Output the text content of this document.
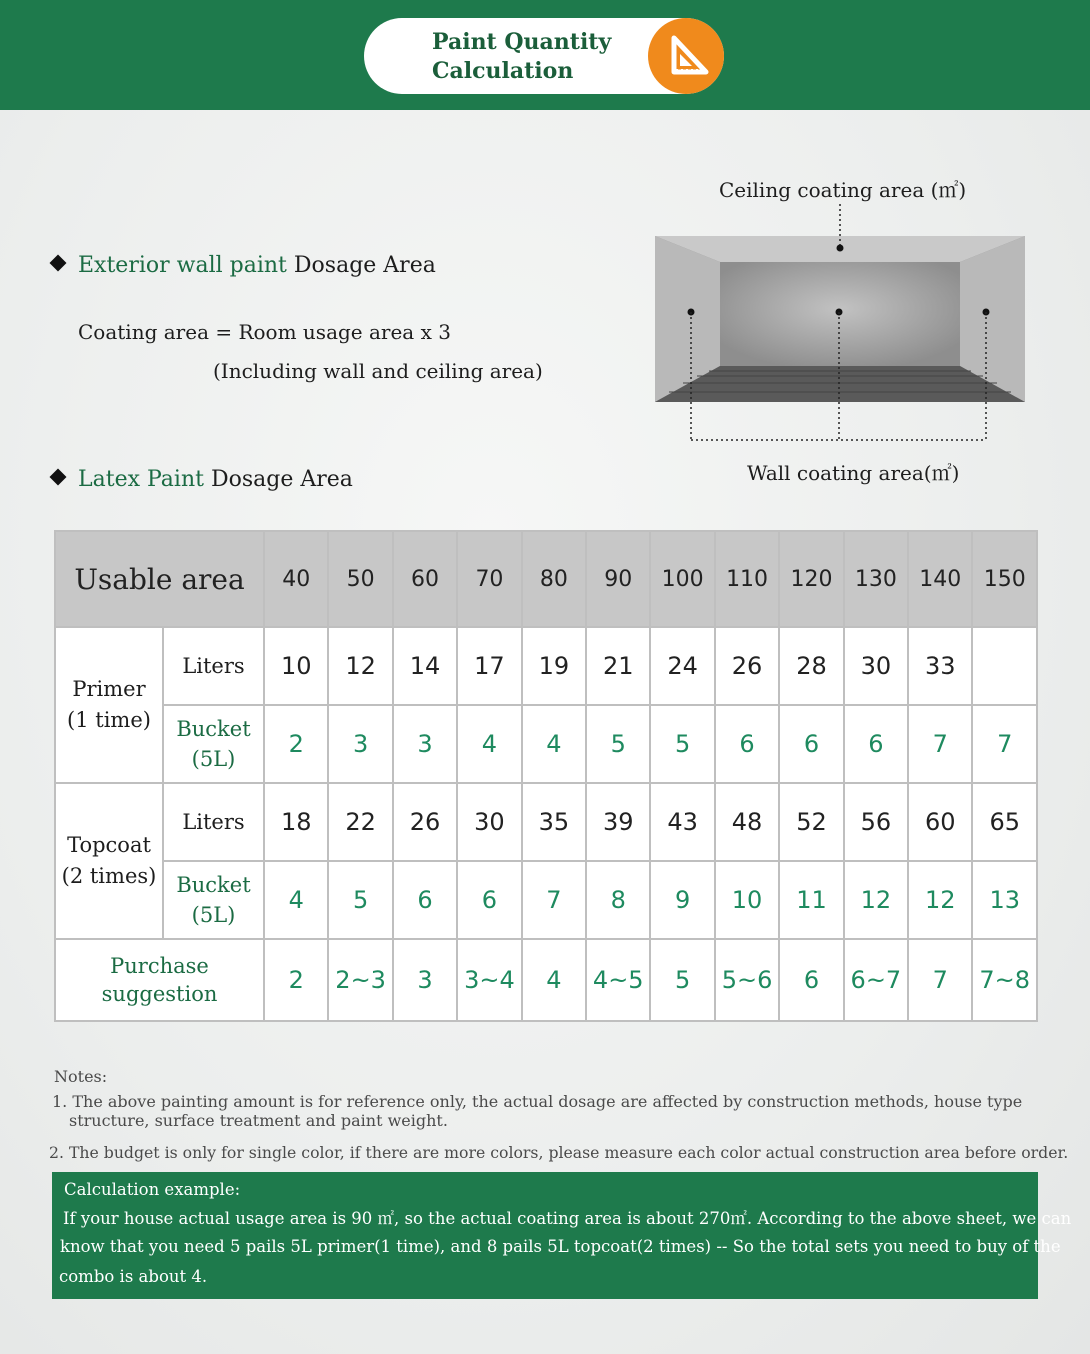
Paint Quantity
Calculation
Exterior wall paint Dosage Area
Coating area = Room usage area x 3
(Including wall and ceiling area)
Latex Paint Dosage Area
Ceiling coating area (㎡)
Wall coating area(㎡)
Usable area		40	50	60	70	80	90	100	110	120	130	140	150

Primer
(1 time)	Liters	10	12	14	17	19	21	24	26	28	30	33	

	Bucket
(5L)	2	3	3	4	4	5	5	6	6	6	7	7

Topcoat
(2 times)	Liters	18	22	26	30	35	39	43	48	52	56	60	65

	Bucket
(5L)	4	5	6	6	7	8	9	10	11	12	12	13

Purchase
suggestion		2	2~3	3	3~4	4	4~5	5	5~6	6	6~7	7	7~8
Notes:
1. The above painting amount is for reference only, the actual dosage are affected by construction methods, house type
structure, surface treatment and paint weight.
2. The budget is only for single color, if there are more colors, please measure each color actual construction area before order.
Calculation example:
If your house actual usage area is 90 ㎡, so the actual coating area is about 270㎡. According to the above sheet, we can
know that you need 5 pails 5L primer(1 time), and 8 pails 5L topcoat(2 times) -- So the total sets you need to buy of the
combo is about 4.
